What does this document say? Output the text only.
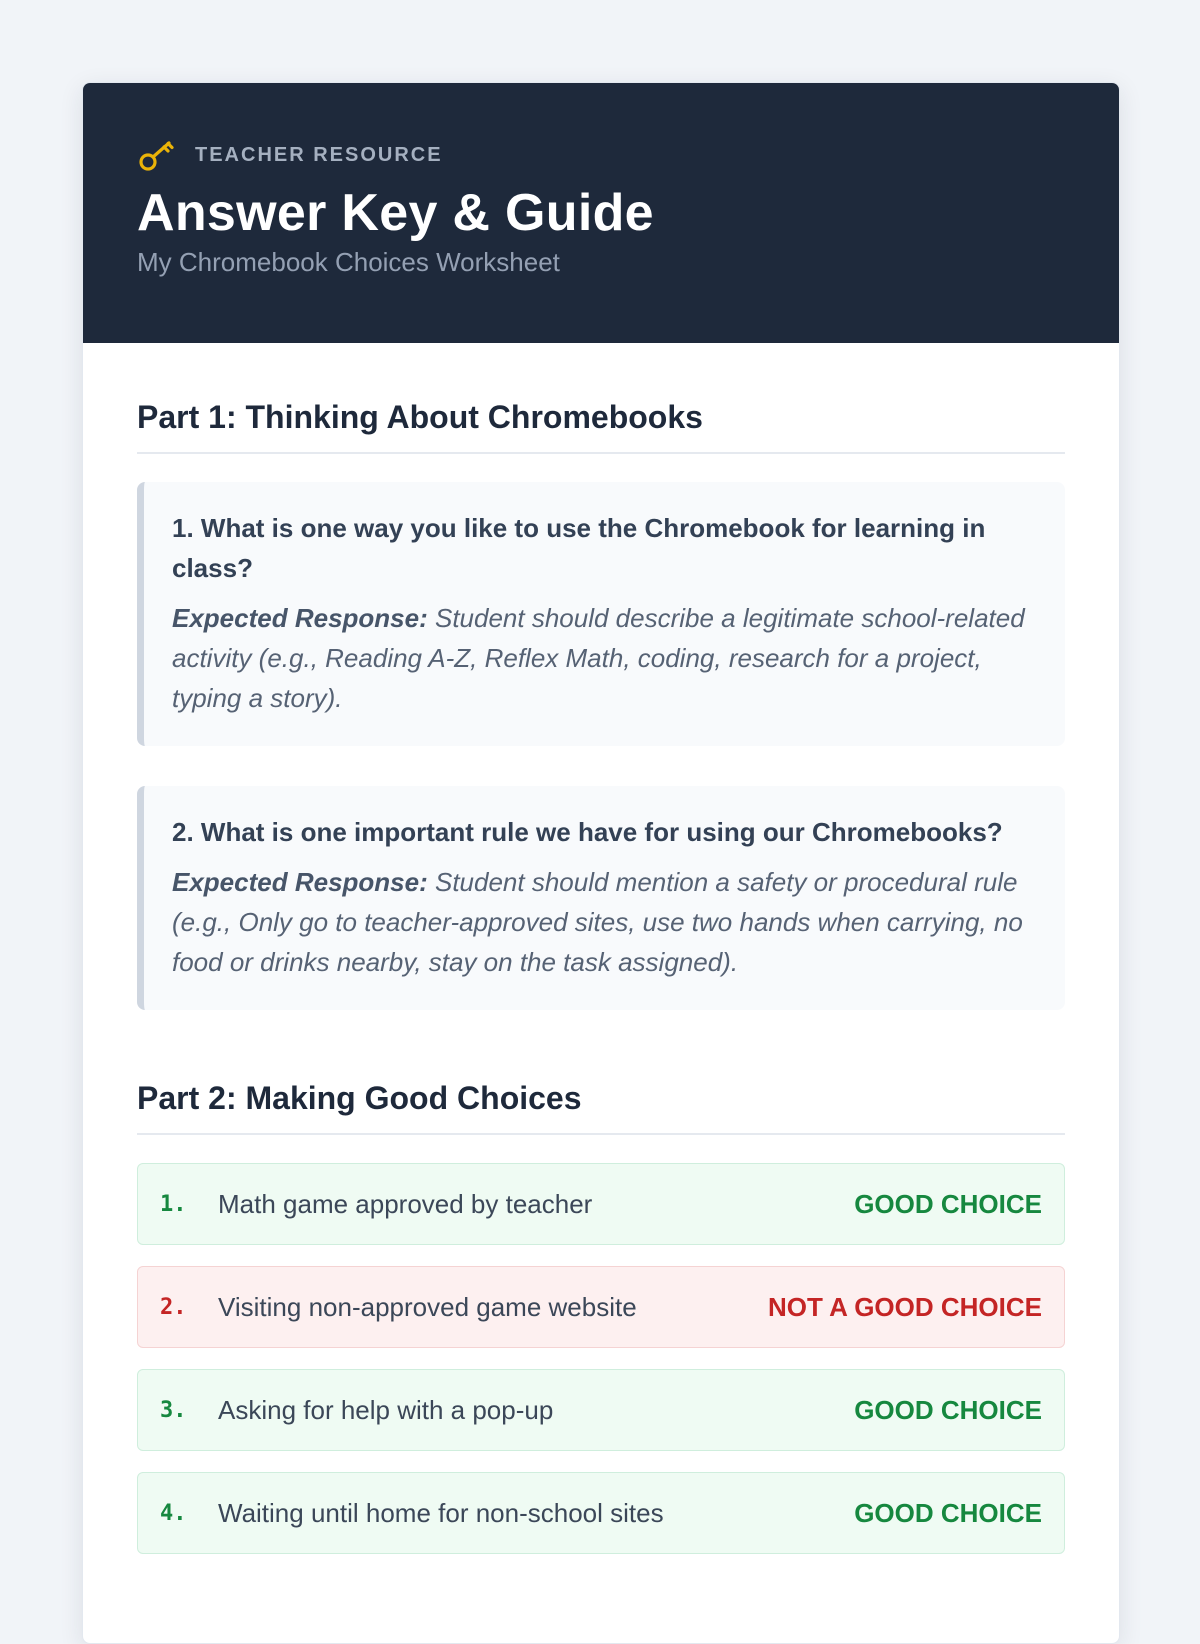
TEACHER RESOURCE
Answer Key & Guide
My Chromebook Choices Worksheet
Part 1: Thinking About Chromebooks
1. What is one way you like to use the Chromebook for learning in class?
Expected Response: Student should describe a legitimate school-related activity (e.g., Reading A-Z, Reflex Math, coding, research for a project, typing a story).
2. What is one important rule we have for using our Chromebooks?
Expected Response: Student should mention a safety or procedural rule (e.g., Only go to teacher-approved sites, use two hands when carrying, no food or drinks nearby, stay on the task assigned).
Part 2: Making Good Choices
1.	Math game approved by teacher	GOOD CHOICE
2.	Visiting non-approved game website	NOT A GOOD CHOICE
3.	Asking for help with a pop-up	GOOD CHOICE
4.	Waiting until home for non-school sites	GOOD CHOICE
